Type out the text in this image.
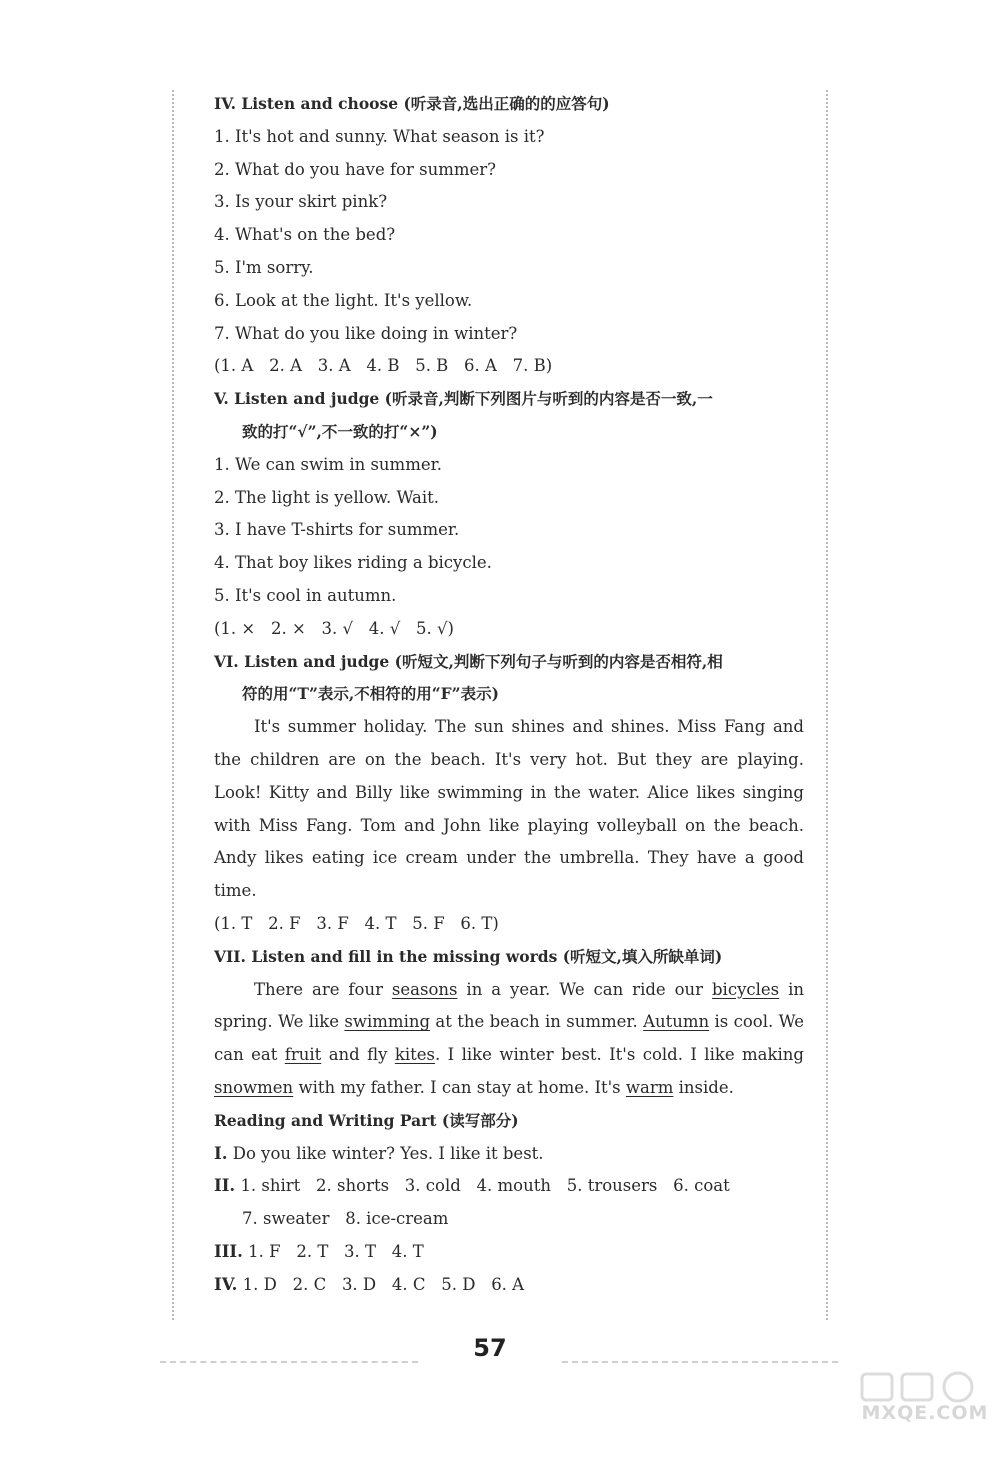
IV. Listen and choose (听录音,选出正确的的应答句)
1. It's hot and sunny. What season is it?
2. What do you have for summer?
3. Is your skirt pink?
4. What's on the bed?
5. I'm sorry.
6. Look at the light. It's yellow.
7. What do you like doing in winter?
(1. A   2. A   3. A   4. B   5. B   6. A   7. B)
V. Listen and judge (听录音,判断下列图片与听到的内容是否一致,一
致的打“√”,不一致的打“×”)
1. We can swim in summer.
2. The light is yellow. Wait.
3. I have T-shirts for summer.
4. That boy likes riding a bicycle.
5. It's cool in autumn.
(1. ×   2. ×   3. √   4. √   5. √)
VI. Listen and judge (听短文,判断下列句子与听到的内容是否相符,相
符的用“T”表示,不相符的用“F”表示)
It's summer holiday. The sun shines and shines. Miss Fang and the children are on the beach. It's very hot. But they are playing. Look! Kitty and Billy like swimming in the water. Alice likes singing with Miss Fang. Tom and John like playing volleyball on the beach. Andy likes eating ice cream under the umbrella. They have a good time.
(1. T   2. F   3. F   4. T   5. F   6. T)
VII. Listen and fill in the missing words (听短文,填入所缺单词)
There are four seasons in a year. We can ride our bicycles in spring. We like swimming at the beach in summer. Autumn is cool. We can eat fruit and fly kites. I like winter best. It's cold. I like making snowmen with my father. I can stay at home. It's warm inside.
Reading and Writing Part (读写部分)
I. Do you like winter? Yes. I like it best.
II. 1. shirt   2. shorts   3. cold   4. mouth   5. trousers   6. coat
7. sweater   8. ice-cream
III. 1. F   2. T   3. T   4. T
IV. 1. D   2. C   3. D   4. C   5. D   6. A
57
MXQE.COM
